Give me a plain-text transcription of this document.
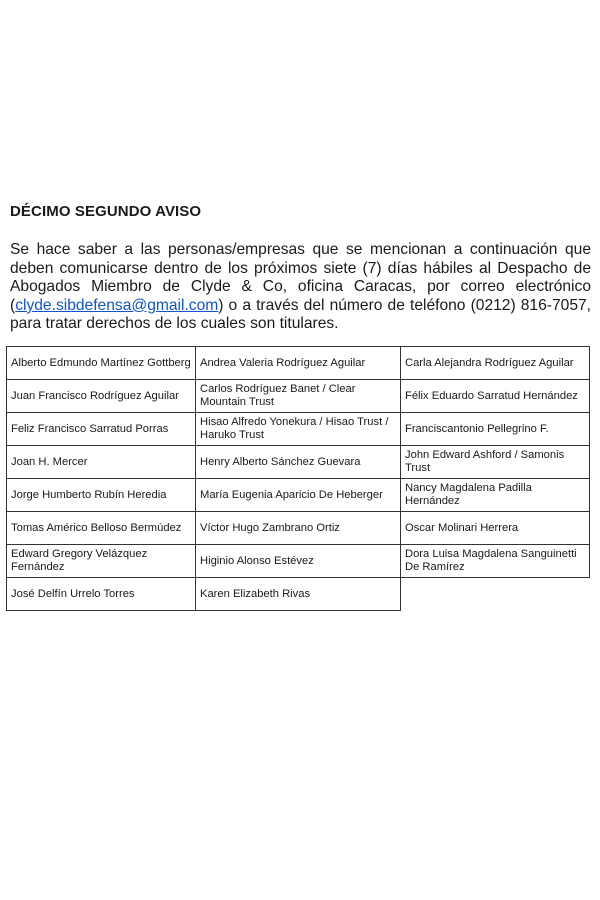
DÉCIMO SEGUNDO AVISO

Se hace saber a las personas/empresas que se mencionan a continuación que deben comunicarse dentro de los próximos siete (7) días hábiles al Despacho de Abogados Miembro de Clyde & Co, oficina Caracas, por correo electrónico (clyde.sibdefensa@gmail.com) o a través del número de teléfono (0212) 816-7057, para tratar derechos de los cuales son titulares.

Alberto Edmundo Martínez Gottberg	Andrea Valeria Rodríguez Aguilar	Carla Alejandra Rodríguez Aguilar
Juan Francisco Rodríguez Aguilar	Carlos Rodríguez Banet / Clear Mountain Trust	Félix Eduardo Sarratud Hernández
Feliz Francisco Sarratud Porras	Hisao Alfredo Yonekura / Hisao Trust / Haruko Trust	Franciscantonio Pellegrino F.
Joan H. Mercer	Henry Alberto Sánchez Guevara	John Edward Ashford / Samonis Trust
Jorge Humberto Rubín Heredia	María Eugenia Aparicio De Heberger	Nancy Magdalena Padilla Hernández
Tomas Américo Belloso Bermúdez	Víctor Hugo Zambrano Ortiz	Oscar Molinari Herrera
Edward Gregory Velázquez Fernández	Higinio Alonso Estévez	Dora Luisa Magdalena Sanguinetti De Ramírez
José Delfín Urrelo Torres	Karen Elizabeth Rivas	
